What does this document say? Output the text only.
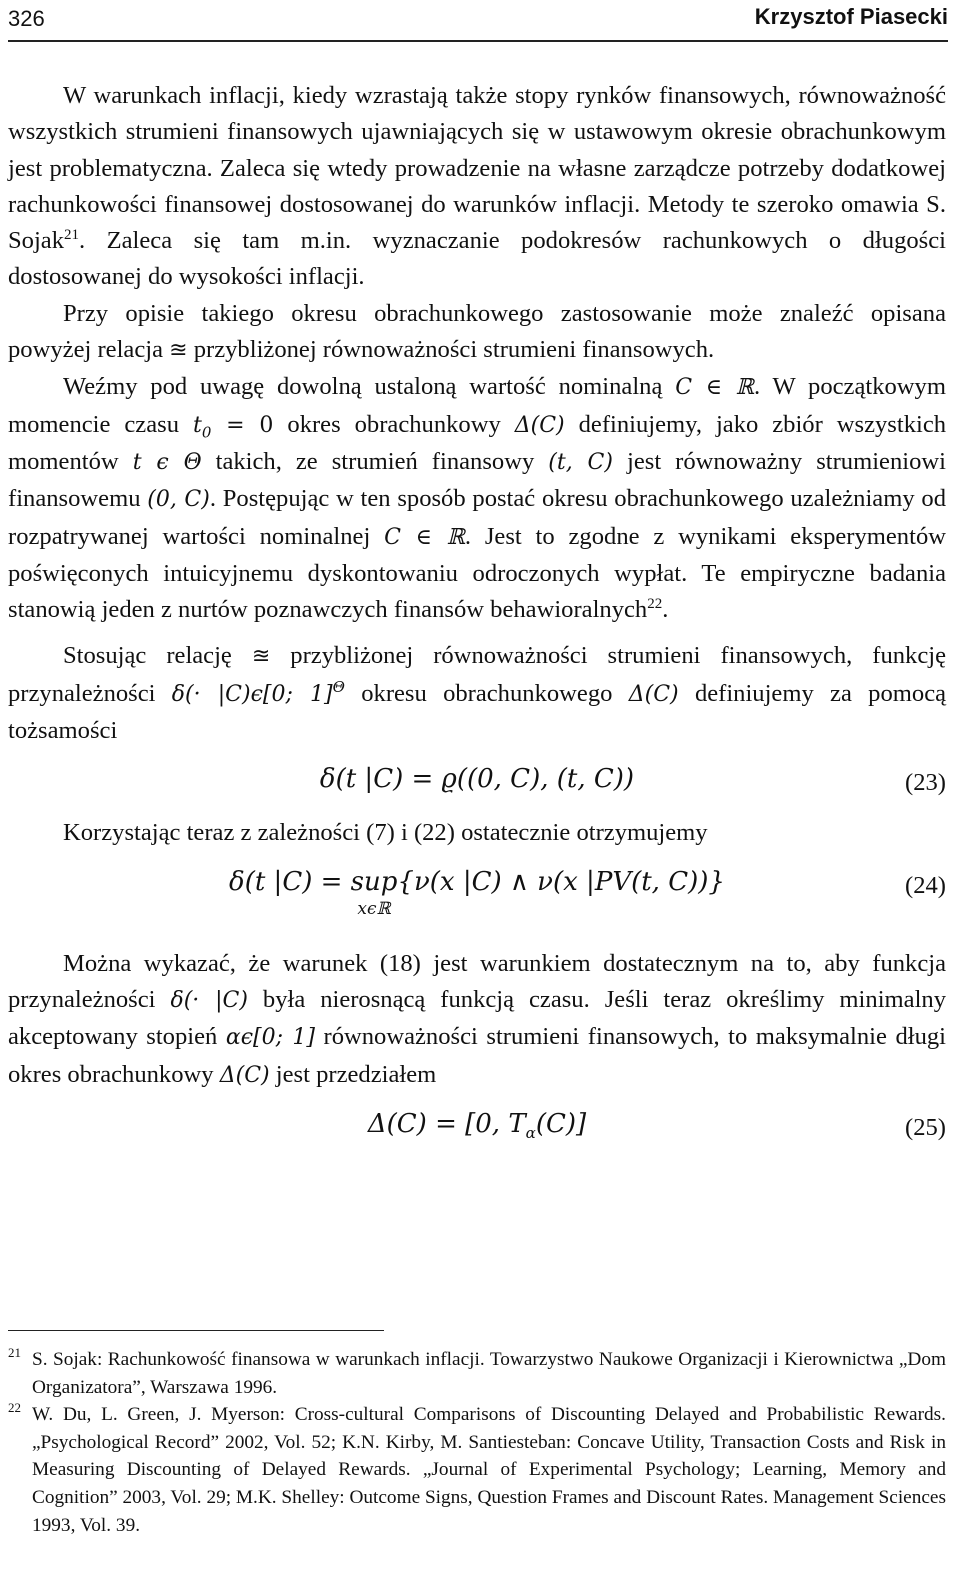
326	Krzysztof Piasecki

W warunkach inflacji, kiedy wzrastają także stopy rynków finansowych, równoważność wszystkich strumieni finansowych ujawniających się w ustawowym okresie obrachunkowym jest problematyczna. Zaleca się wtedy prowadzenie na własne zarządcze potrzeby dodatkowej rachunkowości finansowej dostosowanej do warunków inflacji. Metody te szeroko omawia S. Sojak$^{21}$. Zaleca się tam m.in. wyznaczanie podokresów rachunkowych o długości dostosowanej do wysokości inflacji.

Przy opisie takiego okresu obrachunkowego zastosowanie może znaleźć opisana powyżej relacja ≊ przybliżonej równoważności strumieni finansowych.

Weźmy pod uwagę dowolną ustaloną wartość nominalną C ∈ ℝ. W początkowym momencie czasu $t_0 = 0$ okres obrachunkowy Δ(C) definiujemy, jako zbiór wszystkich momentów t ϵ Θ takich, ze strumień finansowy (t, C) jest równoważny strumieniowi finansowemu (0, C). Postępując w ten sposób postać okresu obrachunkowego uzależniamy od rozpatrywanej wartości nominalnej C ∈ ℝ. Jest to zgodne z wynikami eksperymentów poświęconych intuicyjnemu dyskontowaniu odroczonych wypłat. Te empiryczne badania stanowią jeden z nurtów poznawczych finansów behawioralnych$^{22}$.

Stosując relację ≊ przybliżonej równoważności strumieni finansowych, funkcję przynależności δ(· |C)ϵ[0; 1]$^\Theta$ okresu obrachunkowego Δ(C) definiujemy za pomocą tożsamości

δ(t |C) = ϱ((0, C), (t, C))	(23)

Korzystając teraz z zależności (7) i (22) ostatecznie otrzymujemy

δ(t |C) = sup
xϵℝ
{ν(x |C) ∧ ν(x |PV(t, C))}	(24)

Można wykazać, że warunek (18) jest warunkiem dostatecznym na to, aby funkcja przynależności δ(· |C) była nierosnącą funkcją czasu. Jeśli teraz określimy minimalny akceptowany stopień αϵ[0; 1] równoważności strumieni finansowych, to maksymalnie długi okres obrachunkowy Δ(C) jest przedziałem

Δ(C) = [0, $T_\alpha(C)$]	(25)
21 S. Sojak: Rachunkowość finansowa w warunkach inflacji. Towarzystwo Naukowe Organizacji i Kierownictwa „Dom Organizatora”, Warszawa 1996.
22 W. Du, L. Green, J. Myerson: Cross-cultural Comparisons of Discounting Delayed and Probabilistic Rewards. „Psychological Record” 2002, Vol. 52; K.N. Kirby, M. Santiesteban: Concave Utility, Transaction Costs and Risk in Measuring Discounting of Delayed Rewards. „Journal of Experimental Psychology; Learning, Memory and Cognition” 2003, Vol. 29; M.K. Shelley: Outcome Signs, Question Frames and Discount Rates. Management Sciences 1993, Vol. 39.
